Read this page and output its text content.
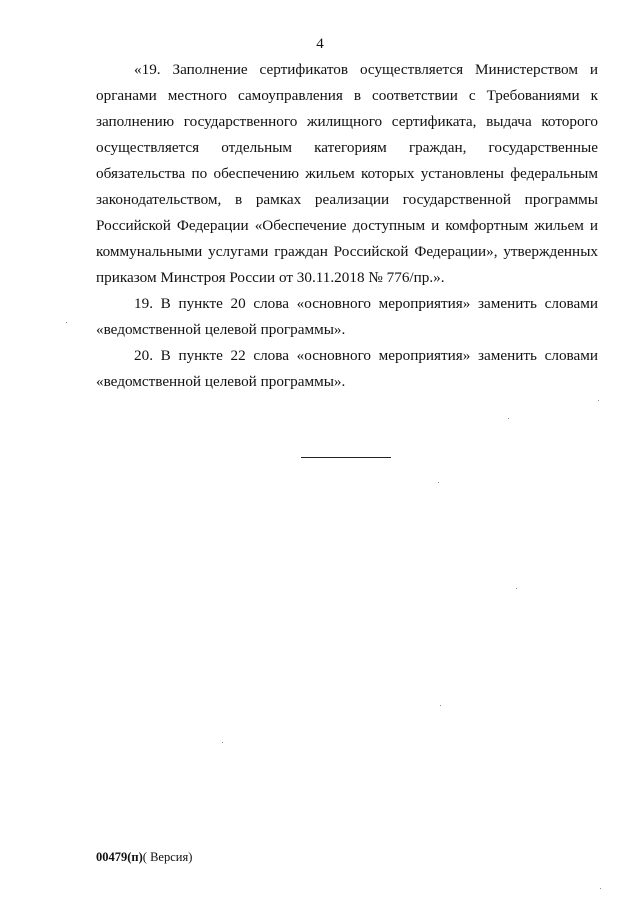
4

«19. Заполнение сертификатов осуществляется Министерством и органами местного самоуправления в соответствии с Требованиями к заполнению государственного жилищного сертификата, выдача которого осуществляется отдельным категориям граждан, государственные обязательства по обеспечению жильем которых установлены федеральным законодательством, в рамках реализации государственной программы Российской Федерации «Обеспечение доступным и комфортным жильем и коммунальными услугами граждан Российской Федерации», утвержденных приказом Минстроя России от 30.11.2018 № 776/пр.».

19. В пункте 20 слова «основного мероприятия» заменить словами «ведомственной целевой программы».

20. В пункте 22 слова «основного мероприятия» заменить словами «ведомственной целевой программы».

00479(п)( Версия)
